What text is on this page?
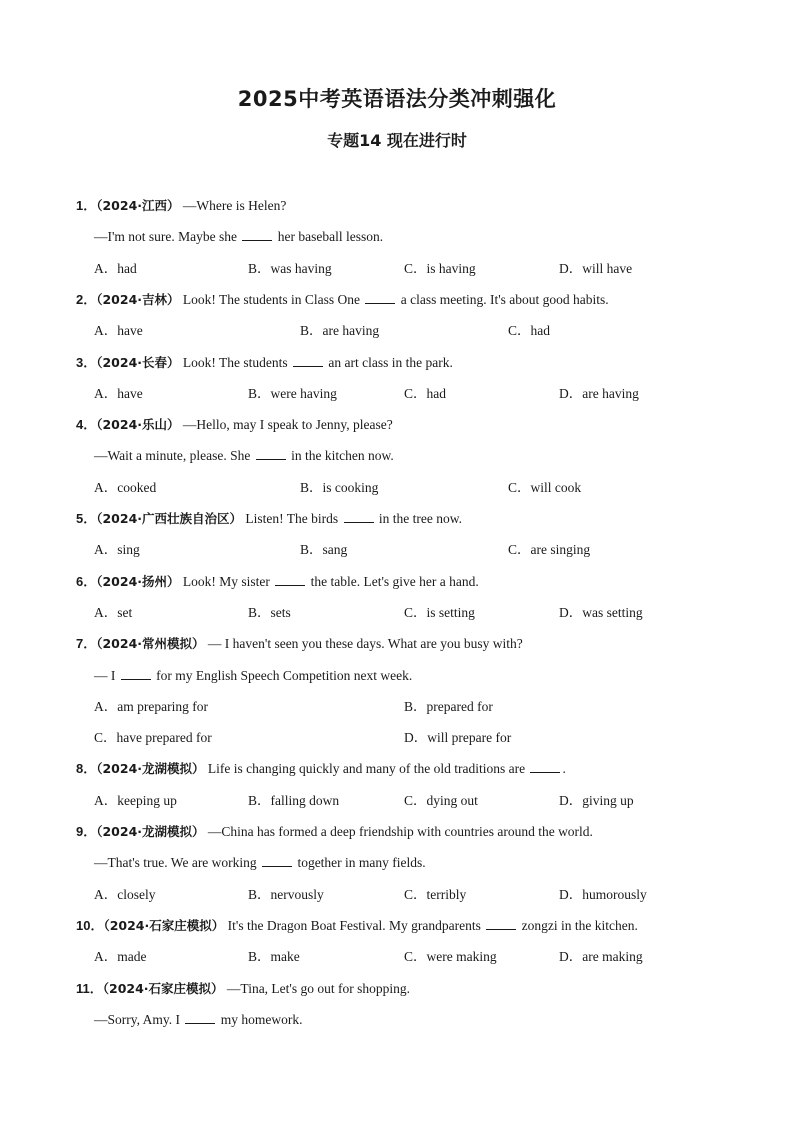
2025中考英语语法分类冲刺强化
专题14 现在进行时
1．（2024·江西） —Where is Helen?
—I'm not sure. Maybe she	her baseball lesson.
A．had	B．was having	C．is having	D．will have
2．（2024·吉林） Look! The students in Class One	a class meeting. It's about good habits.
A．have	B．are having	C．had
3．（2024·长春） Look! The students	an art class in the park.
A．have	B．were having	C．had	D．are having
4．（2024·乐山） —Hello, may I speak to Jenny, please?
—Wait a minute, please. She	in the kitchen now.
A．cooked	B．is cooking	C．will cook
5．（2024·广西壮族自治区） Listen! The birds	in the tree now.
A．sing	B．sang	C．are singing
6．（2024·扬州） Look! My sister	the table. Let's give her a hand.
A．set	B．sets	C．is setting	D．was setting
7．（2024·常州模拟） — I haven't seen you these days. What are you busy with?
— I	for my English Speech Competition next week.
A．am preparing for	B．prepared for
C．have prepared for	D．will prepare for
8．（2024·龙湖模拟） Life is changing quickly and many of the old traditions are	.
A．keeping up	B．falling down	C．dying out	D．giving up
9．（2024·龙湖模拟） —China has formed a deep friendship with countries around the world.
—That's true. We are working	together in many fields.
A．closely	B．nervously	C．terribly	D．humorously
10．（2024·石家庄模拟） It's the Dragon Boat Festival. My grandparents	zongzi in the kitchen.
A．made	B．make	C．were making	D．are making
11．（2024·石家庄模拟） —Tina, Let's go out for shopping.
—Sorry, Amy. I	my homework.
